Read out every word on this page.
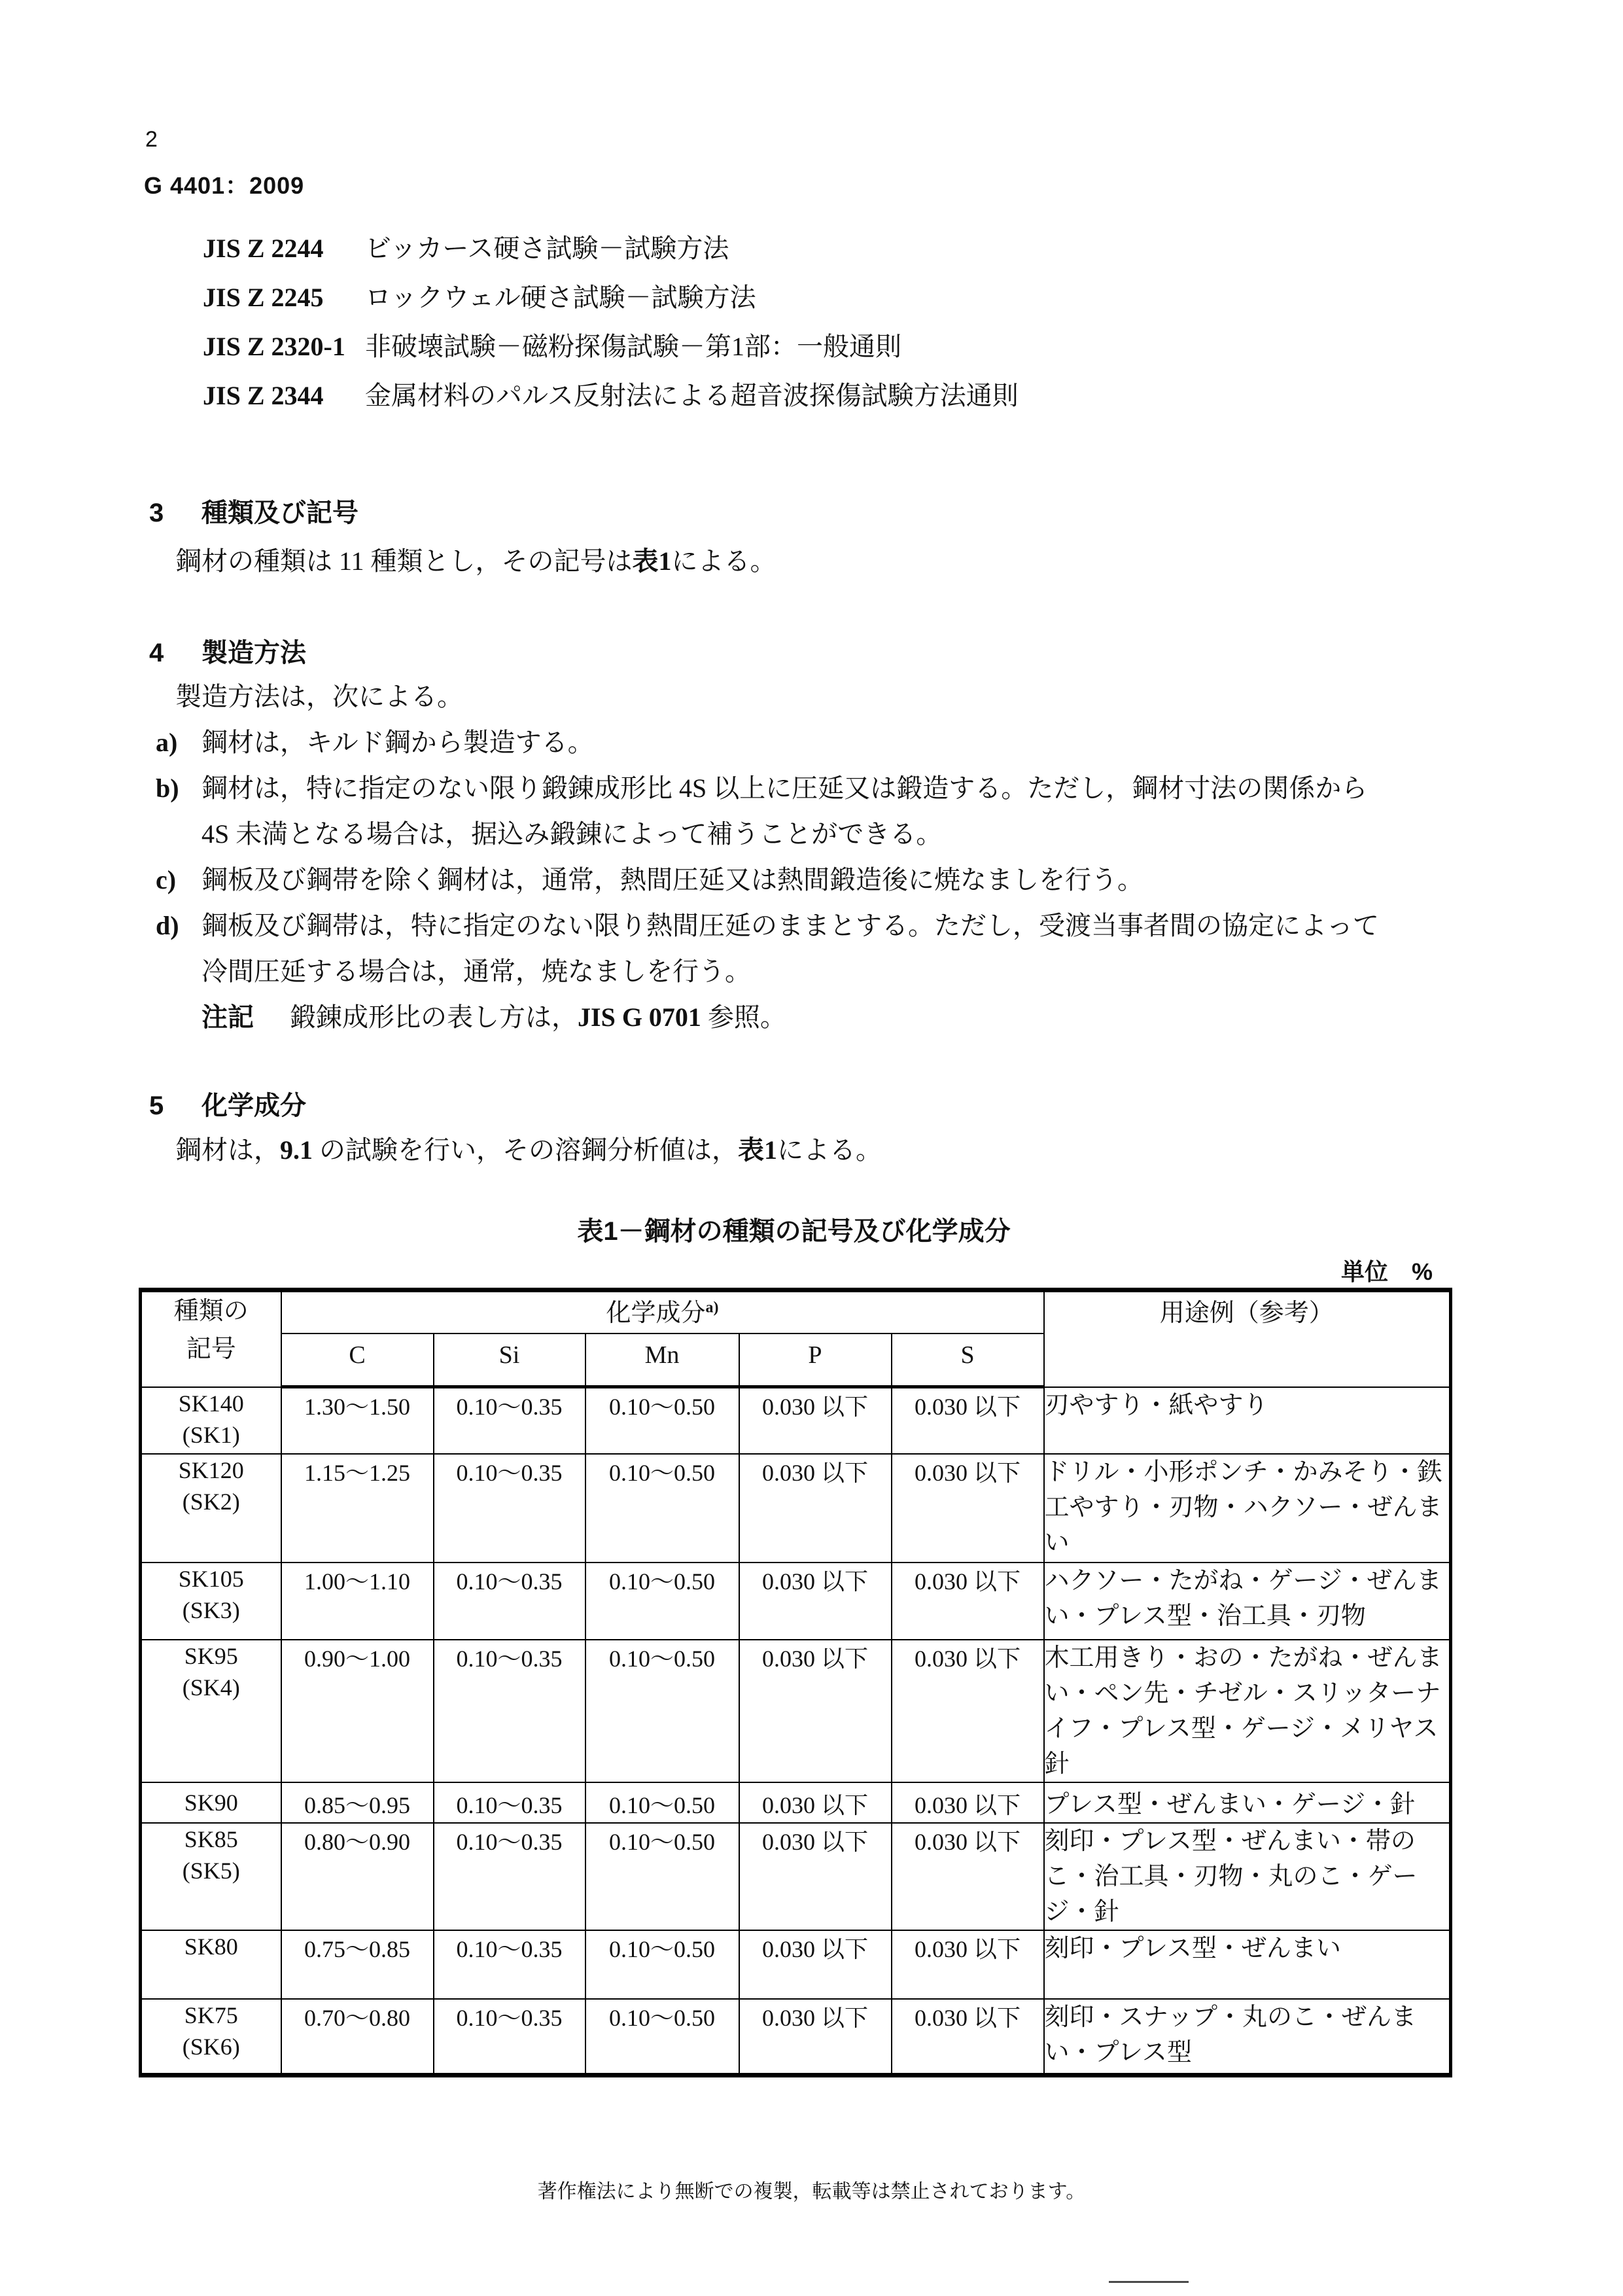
2
G 4401：2009
JIS Z 2244 ビッカース硬さ試験－試験方法
JIS Z 2245 ロックウェル硬さ試験－試験方法
JIS Z 2320-1 非破壊試験－磁粉探傷試験－第1部：一般通則
JIS Z 2344 金属材料のパルス反射法による超音波探傷試験方法通則
3 種類及び記号
鋼材の種類は 11 種類とし，その記号は表1による。
4 製造方法
製造方法は，次による。
a) 鋼材は，キルド鋼から製造する。
b) 鋼材は，特に指定のない限り鍛錬成形比 4S 以上に圧延又は鍛造する。ただし，鋼材寸法の関係から
4S 未満となる場合は，据込み鍛錬によって補うことができる。
c) 鋼板及び鋼帯を除く鋼材は，通常，熱間圧延又は熱間鍛造後に焼なましを行う。
d) 鋼板及び鋼帯は，特に指定のない限り熱間圧延のままとする。ただし，受渡当事者間の協定によって
冷間圧延する場合は，通常，焼なましを行う。
注記 鍛錬成形比の表し方は，JIS G 0701 参照。
5 化学成分
鋼材は，9.1 の試験を行い，その溶鋼分析値は，表1による。
表1－鋼材の種類の記号及び化学成分
単位　%
種類の
記号	化学成分$^{a)}$					用途例（参考）
	C	Si	Mn	P	S	
SK140
(SK1)	1.30～1.50	0.10～0.35	0.10～0.50	0.030 以下	0.030 以下	刃やすり・紙やすり
SK120
(SK2)	1.15～1.25	0.10～0.35	0.10～0.50	0.030 以下	0.030 以下	ドリル・小形ポンチ・かみそり・鉄工やすり・刃物・ハクソー・ぜんまい
SK105
(SK3)	1.00～1.10	0.10～0.35	0.10～0.50	0.030 以下	0.030 以下	ハクソー・たがね・ゲージ・ぜんまい・プレス型・治工具・刃物
SK95
(SK4)	0.90～1.00	0.10～0.35	0.10～0.50	0.030 以下	0.030 以下	木工用きり・おの・たがね・ぜんまい・ペン先・チゼル・スリッターナイフ・プレス型・ゲージ・メリヤス針
SK90	0.85～0.95	0.10～0.35	0.10～0.50	0.030 以下	0.030 以下	プレス型・ぜんまい・ゲージ・針
SK85
(SK5)	0.80～0.90	0.10～0.35	0.10～0.50	0.030 以下	0.030 以下	刻印・プレス型・ぜんまい・帯のこ・治工具・刃物・丸のこ・ゲージ・針
SK80	0.75～0.85	0.10～0.35	0.10～0.50	0.030 以下	0.030 以下	刻印・プレス型・ぜんまい
SK75
(SK6)	0.70～0.80	0.10～0.35	0.10～0.50	0.030 以下	0.030 以下	刻印・スナップ・丸のこ・ぜんまい・プレス型
著作権法により無断での複製，転載等は禁止されております。
